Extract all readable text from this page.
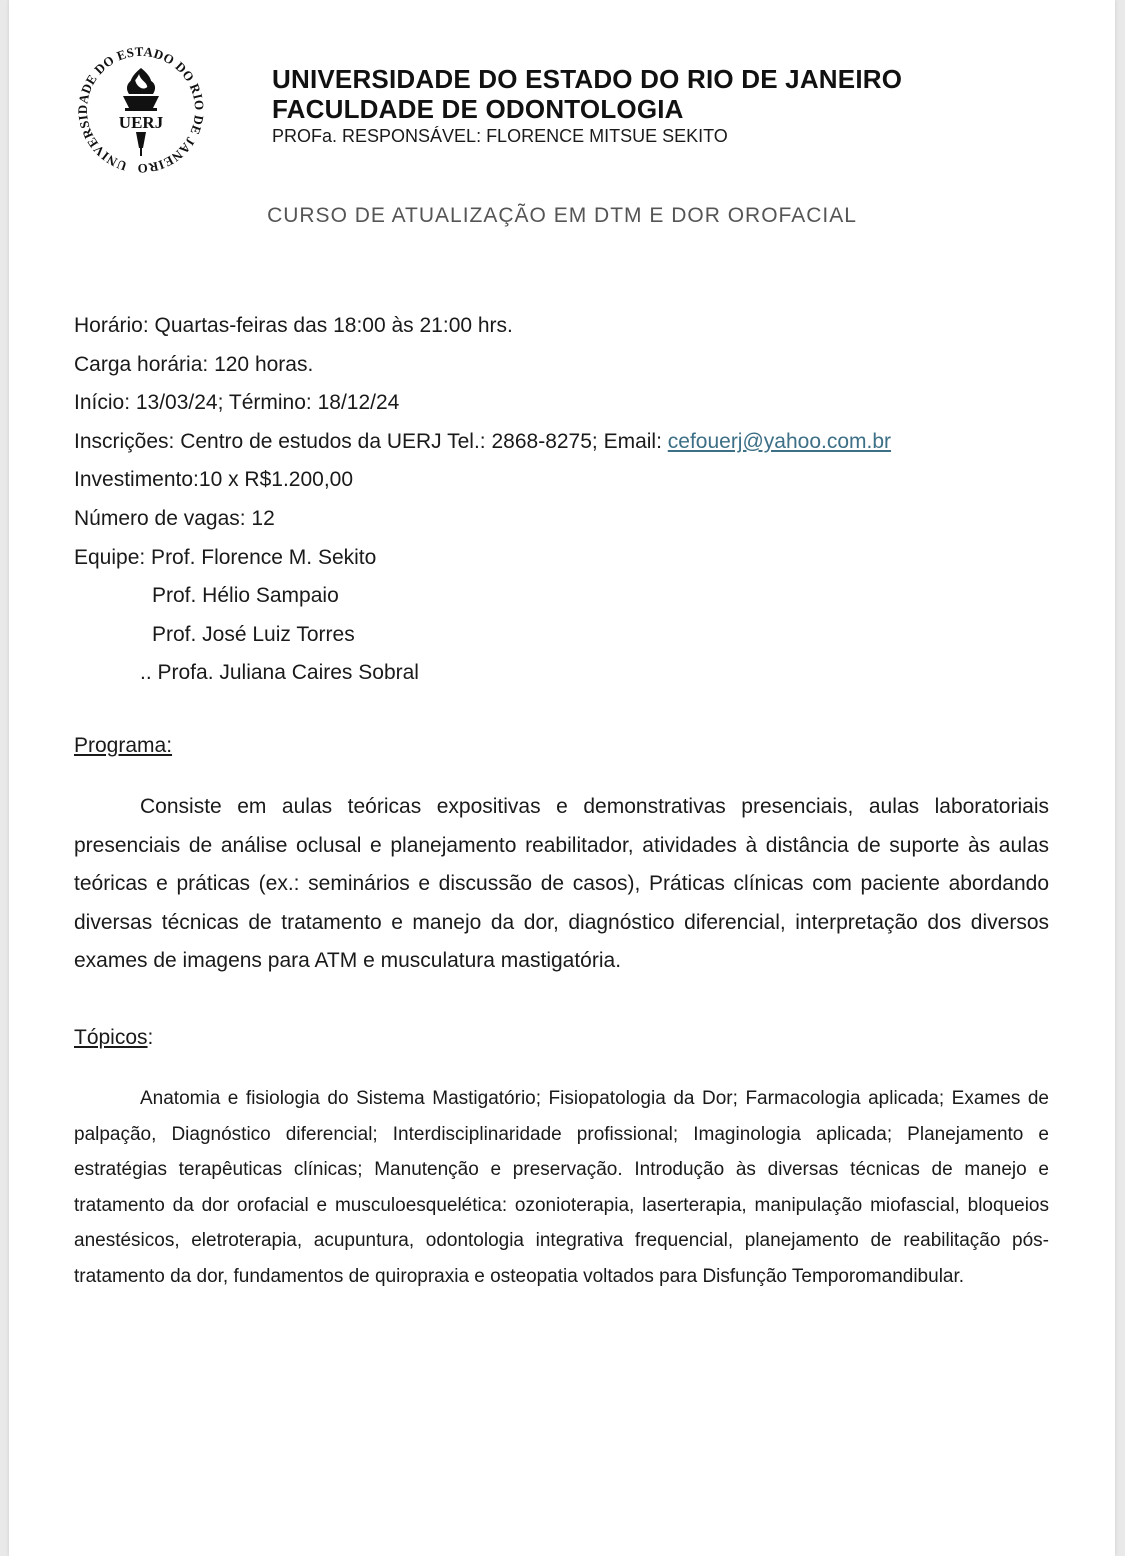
UNIVERSIDADE DO ESTADO DO RIO DE JANEIRO
UERJ
UNIVERSIDADE DO ESTADO DO RIO DE JANEIRO
FACULDADE DE ODONTOLOGIA
PROFa. RESPONSÁVEL: FLORENCE MITSUE SEKITO
CURSO DE ATUALIZAÇÃO EM DTM E DOR OROFACIAL
Horário: Quartas-feiras das 18:00 às 21:00 hrs.
Carga horária: 120 horas.
Início: 13/03/24; Término: 18/12/24
Inscrições: Centro de estudos da UERJ Tel.: 2868-8275; Email: cefouerj@yahoo.com.br
Investimento:10 x R$1.200,00
Número de vagas: 12
Equipe: Prof. Florence M. Sekito
Prof. Hélio Sampaio
Prof. José Luiz Torres
.. Profa. Juliana Caires Sobral
Programa:
Consiste em aulas teóricas expositivas e demonstrativas presenciais, aulas laboratoriais presenciais de análise oclusal e planejamento reabilitador, atividades à distância de suporte às aulas teóricas e práticas (ex.: seminários e discussão de casos), Práticas clínicas com paciente abordando diversas técnicas de tratamento e manejo da dor, diagnóstico diferencial, interpretação dos diversos exames de imagens para ATM e musculatura mastigatória.
Tópicos:
Anatomia e fisiologia do Sistema Mastigatório; Fisiopatologia da Dor; Farmacologia aplicada; Exames de palpação, Diagnóstico diferencial; Interdisciplinaridade profissional; Imaginologia aplicada; Planejamento e estratégias terapêuticas clínicas; Manutenção e preservação. Introdução às diversas técnicas de manejo e tratamento da dor orofacial e musculoesquelética: ozonioterapia, laserterapia, manipulação miofascial, bloqueios anestésicos, eletroterapia, acupuntura, odontologia integrativa frequencial, planejamento de reabilitação pós-tratamento da dor, fundamentos de quiropraxia e osteopatia voltados para Disfunção Temporomandibular.
